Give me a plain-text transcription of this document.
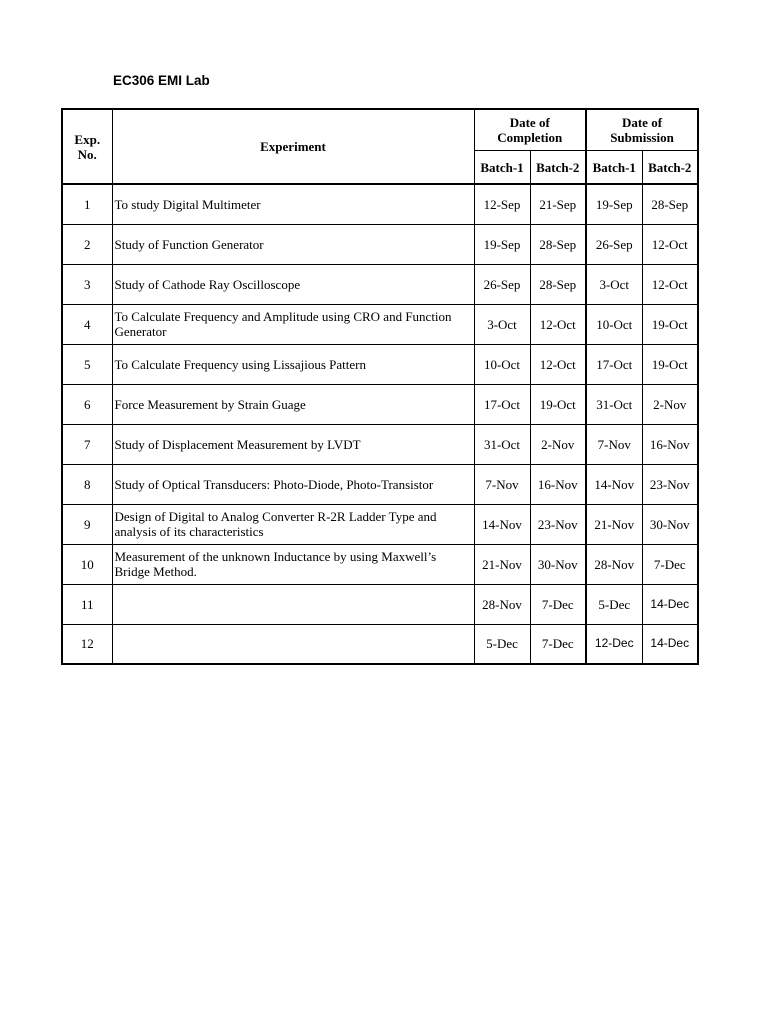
EC306 EMI Lab
Exp. No.	Experiment	Date of Completion		Date of Submission	
		Batch-1	Batch-2	Batch-1	Batch-2
1	To study Digital Multimeter	12-Sep	21-Sep	19-Sep	28-Sep
2	Study of Function Generator	19-Sep	28-Sep	26-Sep	12-Oct
3	Study of Cathode Ray Oscilloscope	26-Sep	28-Sep	3-Oct	12-Oct
4	To Calculate Frequency and Amplitude using CRO and Function Generator	3-Oct	12-Oct	10-Oct	19-Oct
5	To Calculate Frequency using Lissajious Pattern	10-Oct	12-Oct	17-Oct	19-Oct
6	Force Measurement by Strain Guage	17-Oct	19-Oct	31-Oct	2-Nov
7	Study of Displacement Measurement by LVDT	31-Oct	2-Nov	7-Nov	16-Nov
8	Study of Optical Transducers: Photo-Diode, Photo-Transistor	7-Nov	16-Nov	14-Nov	23-Nov
9	Design of Digital to Analog Converter R-2R Ladder Type and analysis of its characteristics	14-Nov	23-Nov	21-Nov	30-Nov
10	Measurement of the unknown Inductance by using Maxwell’s Bridge Method.	21-Nov	30-Nov	28-Nov	7-Dec
11		28-Nov	7-Dec	5-Dec	14-Dec
12		5-Dec	7-Dec	12-Dec	14-Dec
